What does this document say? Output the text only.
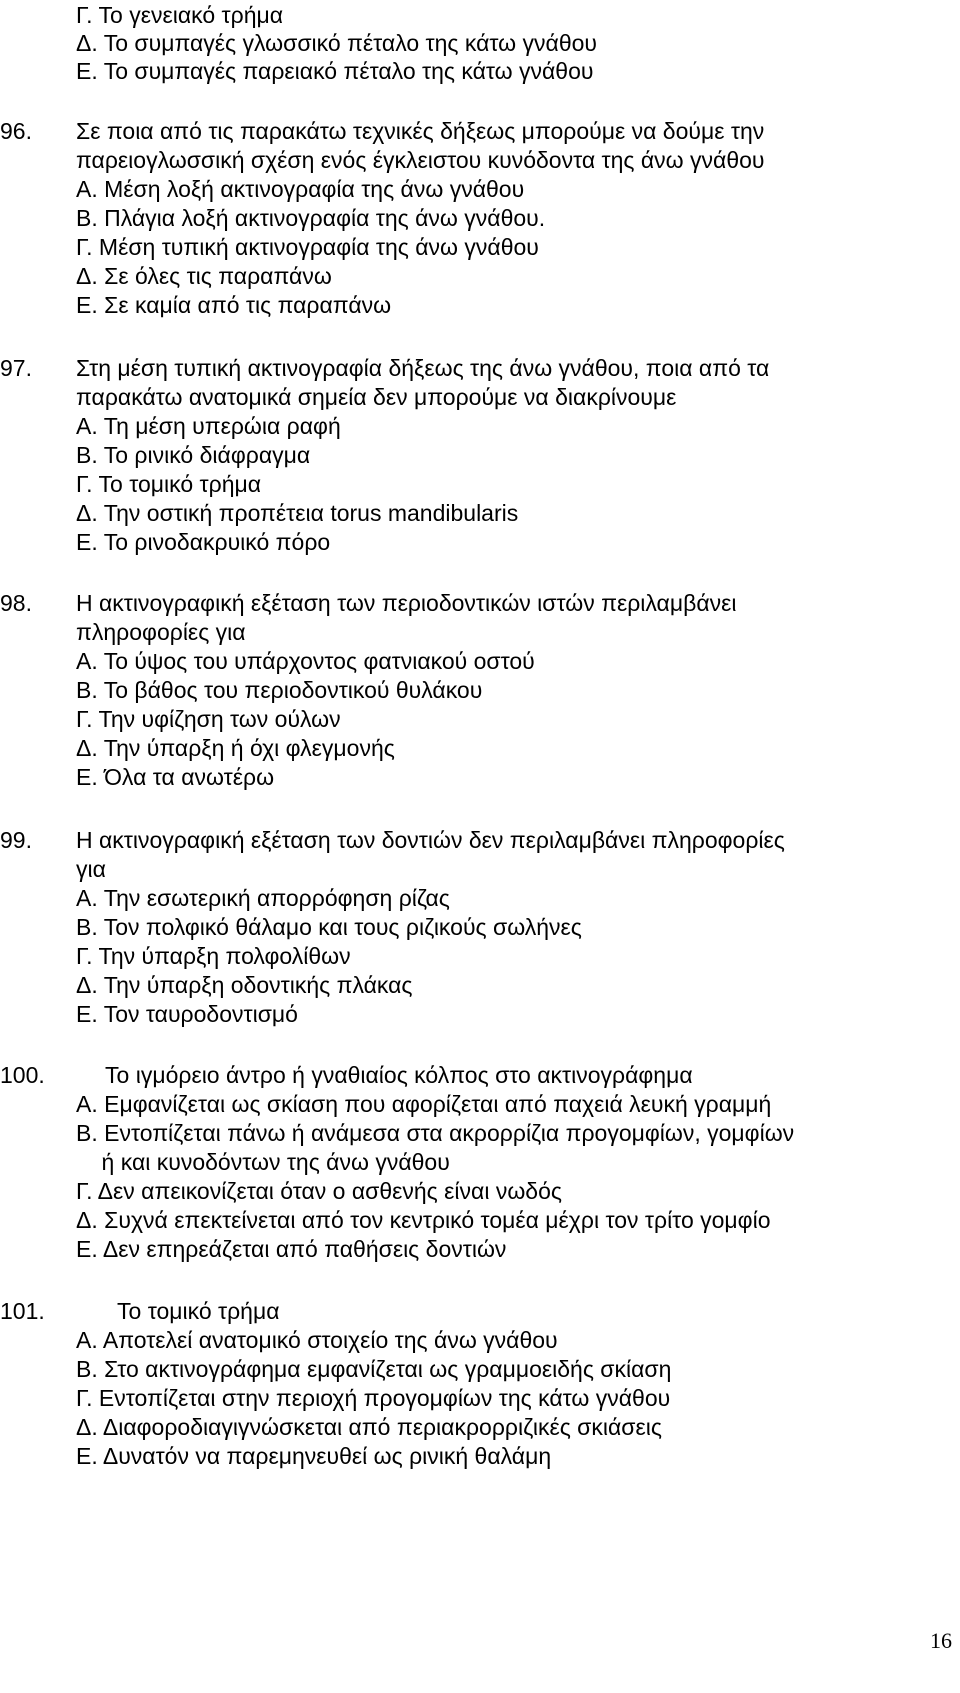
Γ. Το γενειακό τρήμα
Δ. Το συμπαγές γλωσσικό πέταλο της κάτω γνάθου
Ε. Το συμπαγές παρειακό πέταλο της κάτω γνάθου
96. Σε ποια από τις παρακάτω τεχνικές δήξεως μπορούμε να δούμε την
παρειογλωσσική σχέση ενός έγκλειστου κυνόδοντα της άνω γνάθου
Α. Μέση λοξή ακτινογραφία της άνω γνάθου
Β. Πλάγια λοξή ακτινογραφία της άνω γνάθου.
Γ. Μέση τυπική ακτινογραφία της άνω γνάθου
Δ. Σε όλες τις παραπάνω
Ε. Σε καμία από τις παραπάνω
97. Στη μέση τυπική ακτινογραφία δήξεως της άνω γνάθου, ποια από τα
παρακάτω ανατομικά σημεία δεν μπορούμε να διακρίνουμε
Α. Τη μέση υπερώια ραφή
Β. Το ρινικό διάφραγμα
Γ. Το τομικό τρήμα
Δ. Την οστική προπέτεια torus mandibularis
Ε. Το ρινοδακρυικό πόρο
98. Η ακτινογραφική εξέταση των περιοδοντικών ιστών περιλαμβάνει
πληροφορίες για
Α. Το ύψος του υπάρχοντος φατνιακού οστού
Β. Το βάθος του περιοδοντικού θυλάκου
Γ. Την υφίζηση των ούλων
Δ. Την ύπαρξη ή όχι φλεγμονής
Ε. Όλα τα ανωτέρω
99. Η ακτινογραφική εξέταση των δοντιών δεν περιλαμβάνει πληροφορίες
για
Α. Την εσωτερική απορρόφηση ρίζας
Β. Τον πολφικό θάλαμο και τους ριζικούς σωλήνες
Γ. Την ύπαρξη πολφολίθων
Δ. Την ύπαρξη οδοντικής πλάκας
Ε. Τον ταυροδοντισμό
100.	Το ιγμόρειο άντρο ή γναθιαίος κόλπος στο ακτινογράφημα
Α. Εμφανίζεται ως σκίαση που αφορίζεται από παχειά λευκή γραμμή
Β. Εντοπίζεται πάνω ή ανάμεσα στα ακρορρίζια προγομφίων, γομφίων
ή και κυνοδόντων της άνω γνάθου
Γ. Δεν απεικονίζεται όταν ο ασθενής είναι νωδός
Δ. Συχνά επεκτείνεται από τον κεντρικό τομέα μέχρι τον τρίτο γομφίο
Ε. Δεν επηρεάζεται από παθήσεις δοντιών
101.	Το τομικό τρήμα
Α. Αποτελεί ανατομικό στοιχείο της άνω γνάθου
Β. Στο ακτινογράφημα εμφανίζεται ως γραμμοειδής σκίαση
Γ. Εντοπίζεται στην περιοχή προγομφίων της κάτω γνάθου
Δ. Διαφοροδιαγιγνώσκεται από περιακρορριζικές σκιάσεις
Ε. Δυνατόν να παρεμηνευθεί ως ρινική θαλάμη
16
